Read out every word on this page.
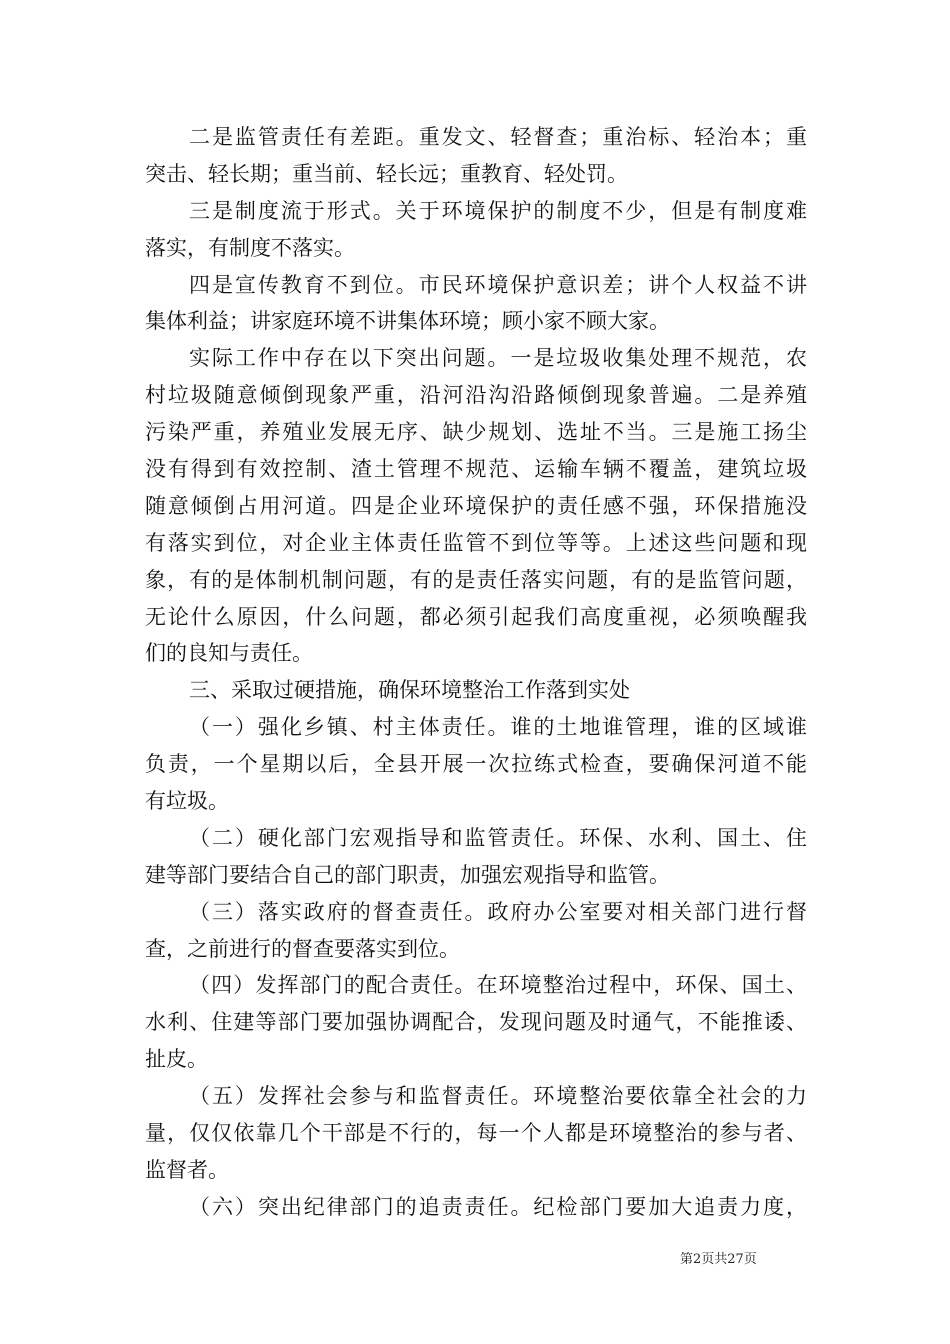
二是监管责任有差距。重发文、轻督查；重治标、轻治本；重
突击、轻长期；重当前、轻长远；重教育、轻处罚。
三是制度流于形式。关于环境保护的制度不少，但是有制度难
落实，有制度不落实。
四是宣传教育不到位。市民环境保护意识差；讲个人权益不讲
集体利益；讲家庭环境不讲集体环境；顾小家不顾大家。
实际工作中存在以下突出问题。一是垃圾收集处理不规范，农
村垃圾随意倾倒现象严重，沿河沿沟沿路倾倒现象普遍。二是养殖
污染严重，养殖业发展无序、缺少规划、选址不当。三是施工扬尘
没有得到有效控制、渣土管理不规范、运输车辆不覆盖，建筑垃圾
随意倾倒占用河道。四是企业环境保护的责任感不强，环保措施没
有落实到位，对企业主体责任监管不到位等等。上述这些问题和现
象，有的是体制机制问题，有的是责任落实问题，有的是监管问题，
无论什么原因，什么问题，都必须引起我们高度重视，必须唤醒我
们的良知与责任。
三、采取过硬措施，确保环境整治工作落到实处
（一）强化乡镇、村主体责任。谁的土地谁管理，谁的区域谁
负责，一个星期以后，全县开展一次拉练式检查，要确保河道不能
有垃圾。
（二）硬化部门宏观指导和监管责任。环保、水利、国土、住
建等部门要结合自己的部门职责，加强宏观指导和监管。
（三）落实政府的督查责任。政府办公室要对相关部门进行督
查，之前进行的督查要落实到位。
（四）发挥部门的配合责任。在环境整治过程中，环保、国土、
水利、住建等部门要加强协调配合，发现问题及时通气，不能推诿、
扯皮。
（五）发挥社会参与和监督责任。环境整治要依靠全社会的力
量，仅仅依靠几个干部是不行的，每一个人都是环境整治的参与者、
监督者。
（六）突出纪律部门的追责责任。纪检部门要加大追责力度，
第2页共27页
